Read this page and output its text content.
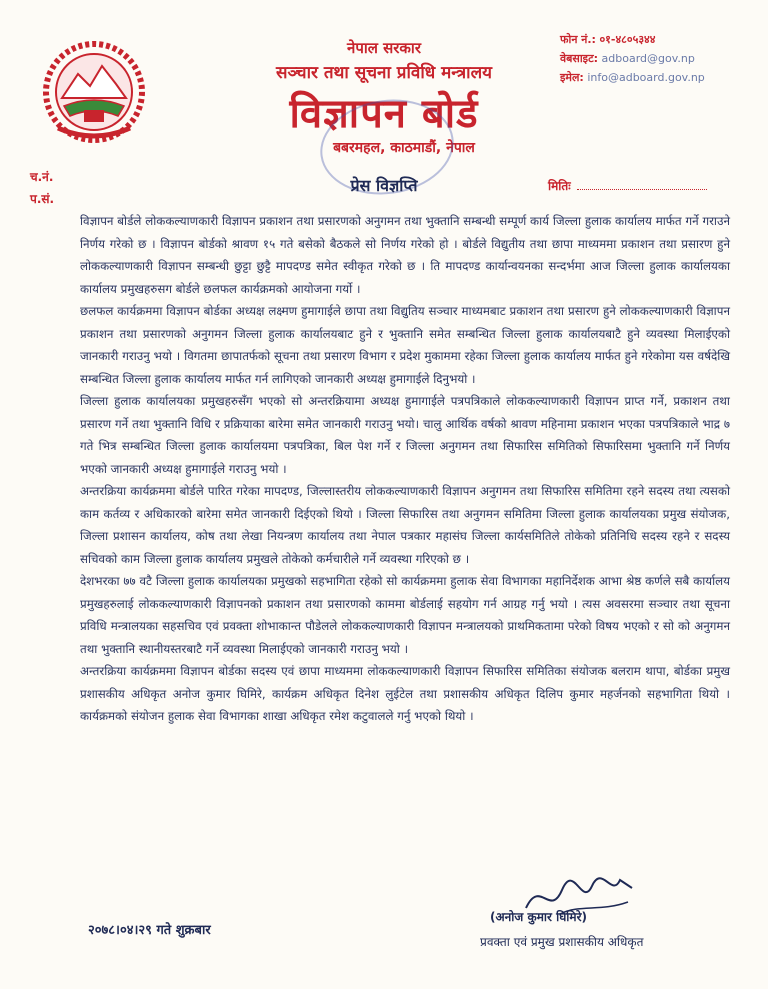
नेपाल सरकार
सञ्चार तथा सूचना प्रविधि मन्त्रालय
विज्ञापन बोर्ड
बबरमहल, काठमाडौं, नेपाल
फोन नं.: ०१-४८०५३४४
वेबसाइट: adboard@gov.np
इमेल: info@adboard.gov.np
च.नं.
प.सं.
प्रेस विज्ञप्ति	मितिः

विज्ञापन बोर्डले लोककल्याणकारी विज्ञापन प्रकाशन तथा प्रसारणको अनुगमन तथा भुक्तानि सम्बन्धी सम्पूर्ण कार्य जिल्ला हुलाक कार्यालय मार्फत गर्ने गराउने निर्णय गरेको छ । विज्ञापन बोर्डको श्रावण १५ गते बसेको बैठकले सो निर्णय गरेको हो । बोर्डले विद्युतीय तथा छापा माध्यममा प्रकाशन तथा प्रसारण हुने लोककल्याणकारी विज्ञापन सम्बन्धी छुट्टा छुट्टै मापदण्ड समेत स्वीकृत गरेको छ । ति मापदण्ड कार्यान्वयनका सन्दर्भमा आज जिल्ला हुलाक कार्यालयका कार्यालय प्रमुखहरुसग बोर्डले छलफल कार्यक्रमको आयोजना गर्यो ।

छलफल कार्यक्रममा विज्ञापन बोर्डका अध्यक्ष लक्ष्मण हुमागाईले छापा तथा विद्युतिय सञ्चार माध्यमबाट प्रकाशन तथा प्रसारण हुने लोककल्याणकारी विज्ञापन प्रकाशन तथा प्रसारणको अनुगमन जिल्ला हुलाक कार्यालयबाट हुने र भुक्तानि समेत सम्बन्धित जिल्ला हुलाक कार्यालयबाटै हुने व्यवस्था मिलाईएको जानकारी गराउनु भयो । विगतमा छापातर्फको सूचना तथा प्रसारण विभाग र प्रदेश मुकाममा रहेका जिल्ला हुलाक कार्यालय मार्फत हुने गरेकोमा यस वर्षदेखि सम्बन्धित जिल्ला हुलाक कार्यालय मार्फत गर्न लागिएको जानकारी अध्यक्ष हुमागाईले दिनुभयो ।

जिल्ला हुलाक कार्यालयका प्रमुखहरुसँग भएको सो अन्तरक्रियामा अध्यक्ष हुमागाईले पत्रपत्रिकाले लोककल्याणकारी विज्ञापन प्राप्त गर्ने, प्रकाशन तथा प्रसारण गर्ने तथा भुक्तानि विधि र प्रक्रियाका बारेमा समेत जानकारी गराउनु भयो। चालु आर्थिक वर्षको श्रावण महिनामा प्रकाशन भएका पत्रपत्रिकाले भाद्र ७ गते भित्र सम्बन्धित जिल्ला हुलाक कार्यालयमा पत्रपत्रिका, बिल पेश गर्ने र जिल्ला अनुगमन तथा सिफारिस समितिको सिफारिसमा भुक्तानि गर्ने निर्णय भएको जानकारी अध्यक्ष हुमागाईले गराउनु भयो ।

अन्तरक्रिया कार्यक्रममा बोर्डले पारित गरेका मापदण्ड, जिल्लास्तरीय लोककल्याणकारी विज्ञापन अनुगमन तथा सिफारिस समितिमा रहने सदस्य तथा त्यसको काम कर्तव्य र अधिकारको बारेमा समेत जानकारी दिईएको थियो । जिल्ला सिफारिस तथा अनुगमन समितिमा जिल्ला हुलाक कार्यालयका प्रमुख संयोजक, जिल्ला प्रशासन कार्यालय, कोष तथा लेखा नियन्त्रण कार्यालय तथा नेपाल पत्रकार महासंघ जिल्ला कार्यसमितिले तोकेको प्रतिनिधि सदस्य रहने र सदस्य सचिवको काम जिल्ला हुलाक कार्यालय प्रमुखले तोकेको कर्मचारीले गर्ने व्यवस्था गरिएको छ ।

देशभरका ७७ वटै जिल्ला हुलाक कार्यालयका प्रमुखको सहभागिता रहेको सो कार्यक्रममा हुलाक सेवा विभागका महानिर्देशक आभा श्रेष्ठ कर्णले सबै कार्यालय प्रमुखहरुलाई लोककल्याणकारी विज्ञापनको प्रकाशन तथा प्रसारणको काममा बोर्डलाई सहयोग गर्न आग्रह गर्नु भयो । त्यस अवसरमा सञ्चार तथा सूचना प्रविधि मन्त्रालयका सहसचिव एवं प्रवक्ता शोभाकान्त पौडेलले लोककल्याणकारी विज्ञापन मन्त्रालयको प्राथमिकतामा परेको विषय भएको र सो को अनुगमन तथा भुक्तानि स्थानीयस्तरबाटै गर्ने व्यवस्था मिलाईएको जानकारी गराउनु भयो ।

अन्तरक्रिया कार्यक्रममा विज्ञापन बोर्डका सदस्य एवं छापा माध्यममा लोककल्याणकारी विज्ञापन सिफारिस समितिका संयोजक बलराम थापा, बोर्डका प्रमुख प्रशासकीय अधिकृत अनोज कुमार घिमिरे, कार्यक्रम अधिकृत दिनेश लुईटेल तथा प्रशासकीय अधिकृत दिलिप कुमार महर्जनको सहभागिता थियो । कार्यक्रमको संयोजन हुलाक सेवा विभागका शाखा अधिकृत रमेश कटुवालले गर्नु भएको थियो ।

२०७८।०४।२९ गते शुक्रबार
(अनोज कुमार घिमिरे)
प्रवक्ता एवं प्रमुख प्रशासकीय अधिकृत
